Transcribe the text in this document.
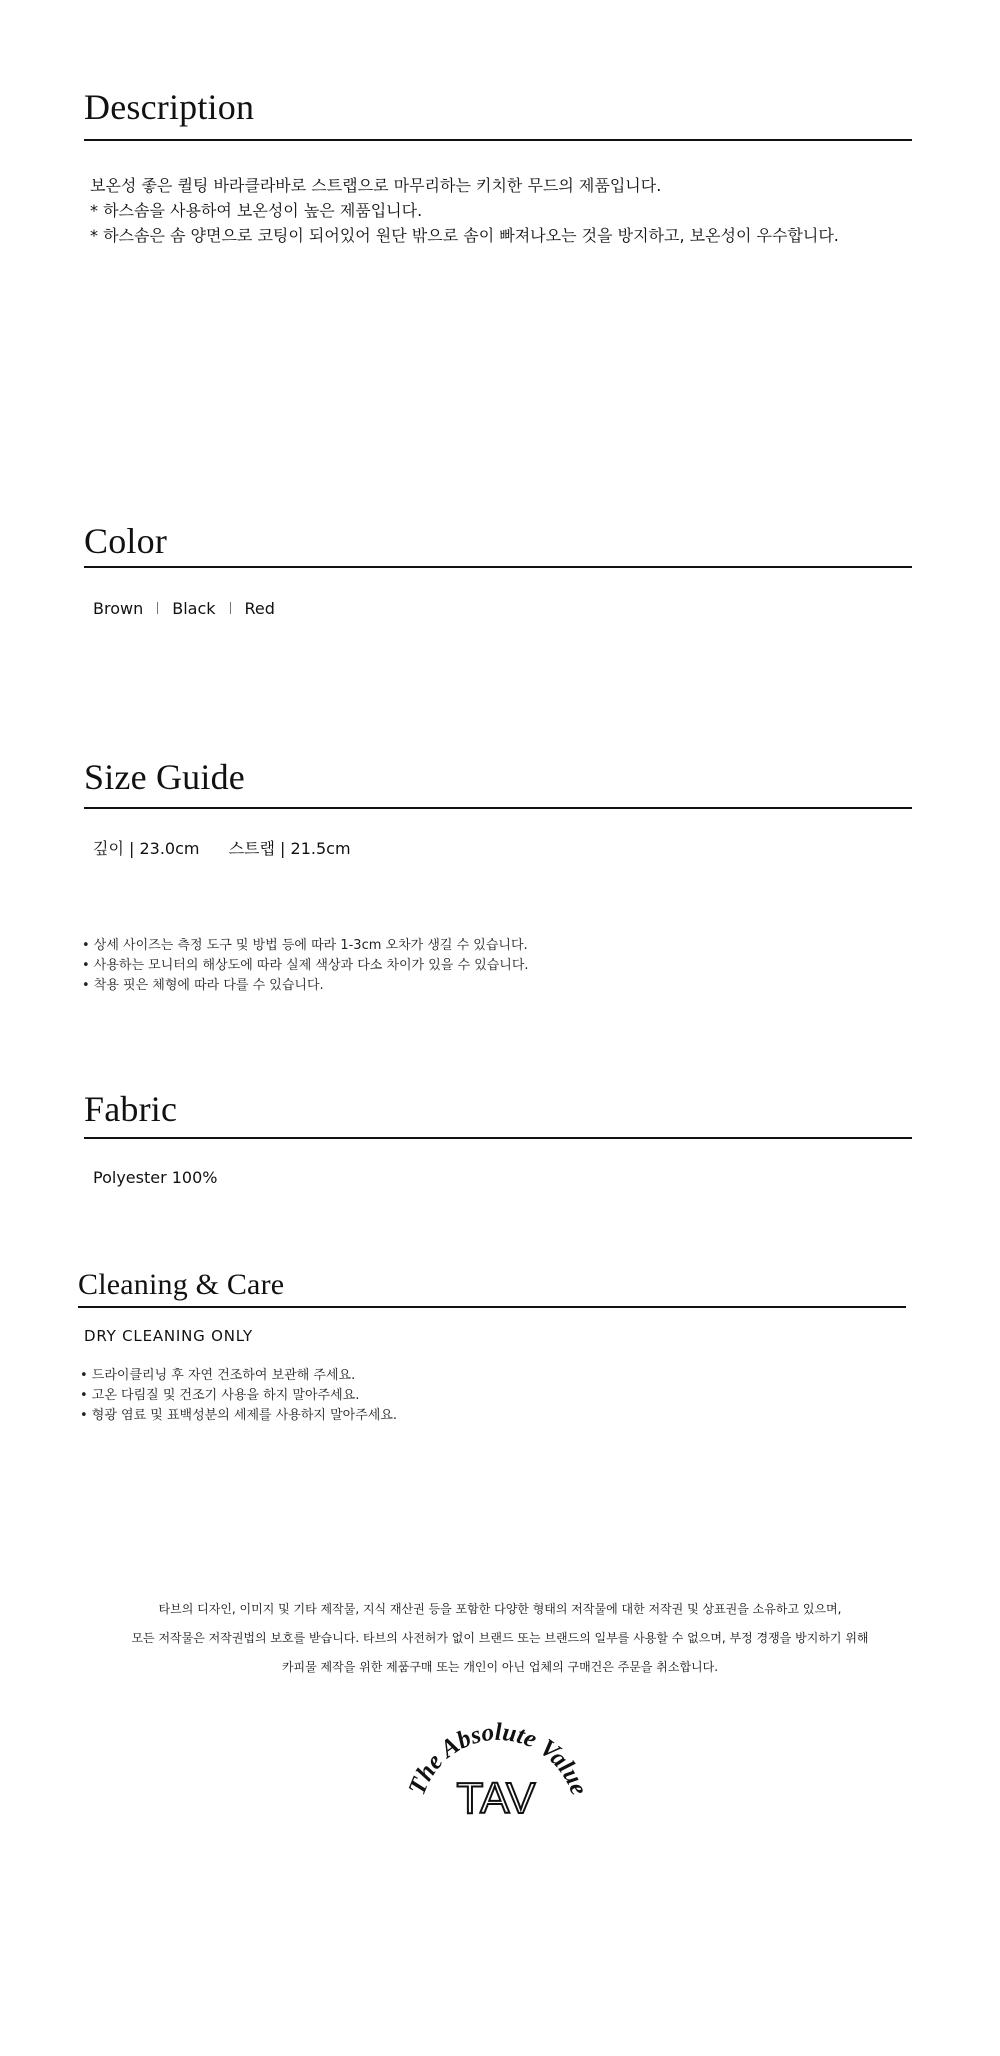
Description
보온성 좋은 퀼팅 바라클라바로 스트랩으로 마무리하는 키치한 무드의 제품입니다.
* 하스솜을 사용하여 보온성이 높은 제품입니다.
* 하스솜은 솜 양면으로 코팅이 되어있어 원단 밖으로 솜이 빠져나오는 것을 방지하고, 보온성이 우수합니다.
Color
Brown Black Red
Size Guide
깊이 | 23.0cm 스트랩 | 21.5cm
• 상세 사이즈는 측정 도구 및 방법 등에 따라 1-3cm 오차가 생길 수 있습니다.
• 사용하는 모니터의 해상도에 따라 실제 색상과 다소 차이가 있을 수 있습니다.
• 착용 핏은 체형에 따라 다를 수 있습니다.
Fabric
Polyester 100%
Cleaning & Care
DRY CLEANING ONLY
• 드라이클리닝 후 자연 건조하여 보관해 주세요.
• 고온 다림질 및 건조기 사용을 하지 말아주세요.
• 형광 염료 및 표백성분의 세제를 사용하지 말아주세요.
타브의 디자인, 이미지 및 기타 제작물, 지식 재산권 등을 포함한 다양한 형태의 저작물에 대한 저작권 및 상표권을 소유하고 있으며,
모든 저작물은 저작권법의 보호를 받습니다. 타브의 사전허가 없이 브랜드 또는 브랜드의 일부를 사용할 수 없으며, 부정 경쟁을 방지하기 위해
카피물 제작을 위한 제품구매 또는 개인이 아닌 업체의 구매건은 주문을 취소합니다.
The Absolute Value
TAV
